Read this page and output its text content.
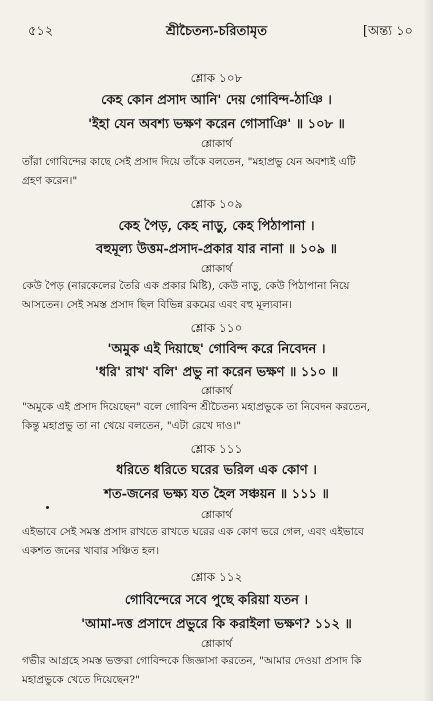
৫১২	শ্রীচৈতন্য-চরিতামৃত	[অন্ত্য ১০
শ্লোক ১০৮
কেহ কোন প্রসাদ আনি' দেয় গোবিন্দ-ঠাঞি ।
'ইহা যেন অবশ্য ভক্ষণ করেন গোসাঞি' ॥ ১০৮ ॥
শ্লোকার্থ
তাঁরা গোবিন্দের কাছে সেই প্রসাদ দিয়ে তাঁকে বলতেন, "মহাপ্রভু যেন অবশ্যই এটি
গ্রহণ করেন।"
শ্লোক ১০৯
কেহ পৈড়, কেহ নাড়ু, কেহ পিঠাপানা ।
বহুমূল্য উত্তম-প্রসাদ-প্রকার যার নানা ॥ ১০৯ ॥
শ্লোকার্থ
কেউ পৈড় (নারকেলের তৈরি এক প্রকার মিষ্টি), কেউ নাড়ু, কেউ পিঠাপানা নিয়ে
আসতেন। সেই সমস্ত প্রসাদ ছিল বিভিন্ন রকমের এবং বহু মূল্যবান।
শ্লোক ১১০
'অমুক এই দিয়াছে' গোবিন্দ করে নিবেদন ।
'ধরি' রাখ' বলি' প্রভু না করেন ভক্ষণ ॥ ১১০ ॥
শ্লোকার্থ
"অমুকে এই প্রসাদ দিয়েছেন" বলে গোবিন্দ শ্রীচৈতন্য মহাপ্রভুকে তা নিবেদন করতেন,
কিন্তু মহাপ্রভু তা না খেয়ে বলতেন, "এটা রেখে দাও।"
শ্লোক ১১১
ধরিতে ধরিতে ঘরের ভরিল এক কোণ ।
শত-জনের ভক্ষ্য যত হৈল সঞ্চয়ন ॥ ১১১ ॥
শ্লোকার্থ
এইভাবে সেই সমস্ত প্রসাদ রাখতে রাখতে ঘরের এক কোণ ভরে গেল, এবং এইভাবে
একশত জনের খাবার সঞ্চিত হল।
শ্লোক ১১২
গোবিন্দেরে সবে পুছে করিয়া যতন ।
'আমা-দত্ত প্রসাদে প্রভুরে কি করাইলা ভক্ষণ? ১১২ ॥
শ্লোকার্থ
গভীর আগ্রহে সমস্ত ভক্তরা গোবিন্দকে জিজ্ঞাসা করতেন, "আমার দেওয়া প্রসাদ কি
মহাপ্রভুকে খেতে দিয়েছেন?"
